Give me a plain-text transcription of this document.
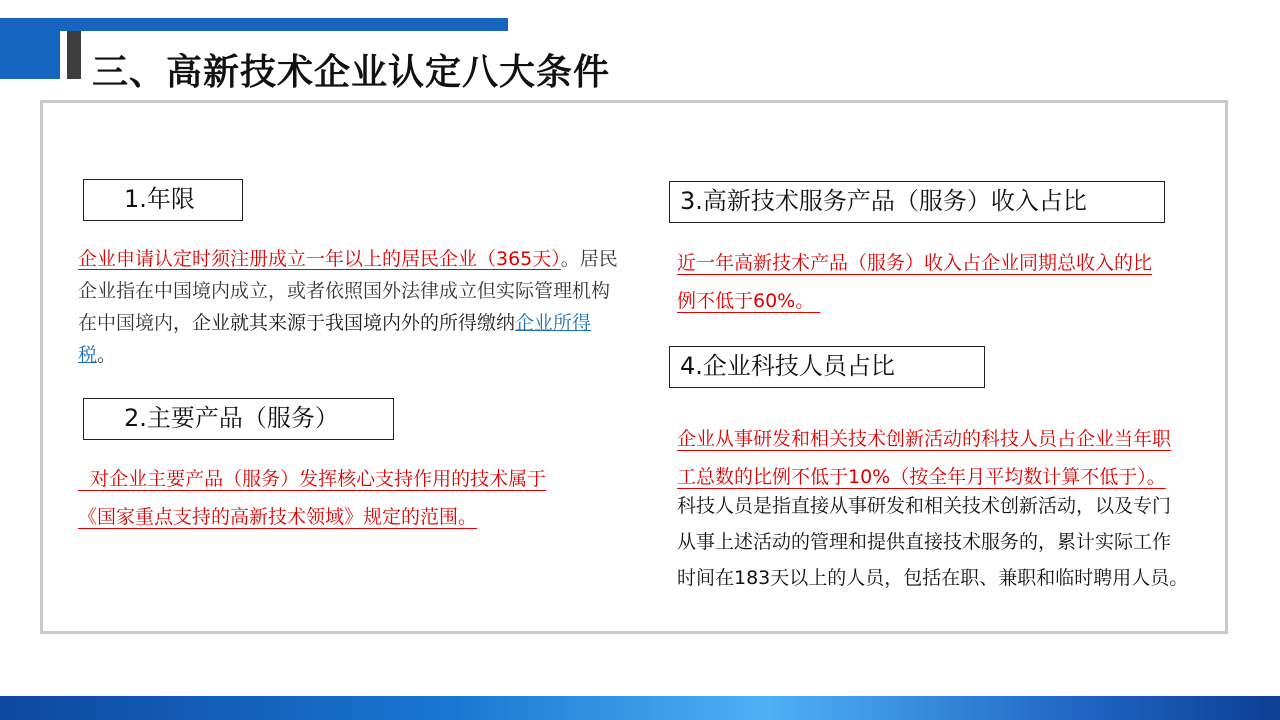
三、高新技术企业认定八大条件
1.年限

企业申请认定时须注册成立一年以上的居民企业（365天）。居民企业指在中国境内成立，或者依照国外法律成立但实际管理机构在中国境内，企业就其来源于我国境内外的所得缴纳企业所得税。

2.主要产品（服务）

对企业主要产品（服务）发挥核心支持作用的技术属于
《国家重点支持的高新技术领域》规定的范围。

3.高新技术服务产品（服务）收入占比

近一年高新技术产品（服务）收入占企业同期总收入的比
例不低于60%。

4.企业科技人员占比

企业从事研发和相关技术创新活动的科技人员占企业当年职
工总数的比例不低于10%（按全年月平均数计算不低于）。

科技人员是指直接从事研发和相关技术创新活动，以及专门
从事上述活动的管理和提供直接技术服务的，累计实际工作
时间在183天以上的人员，包括在职、兼职和临时聘用人员。
